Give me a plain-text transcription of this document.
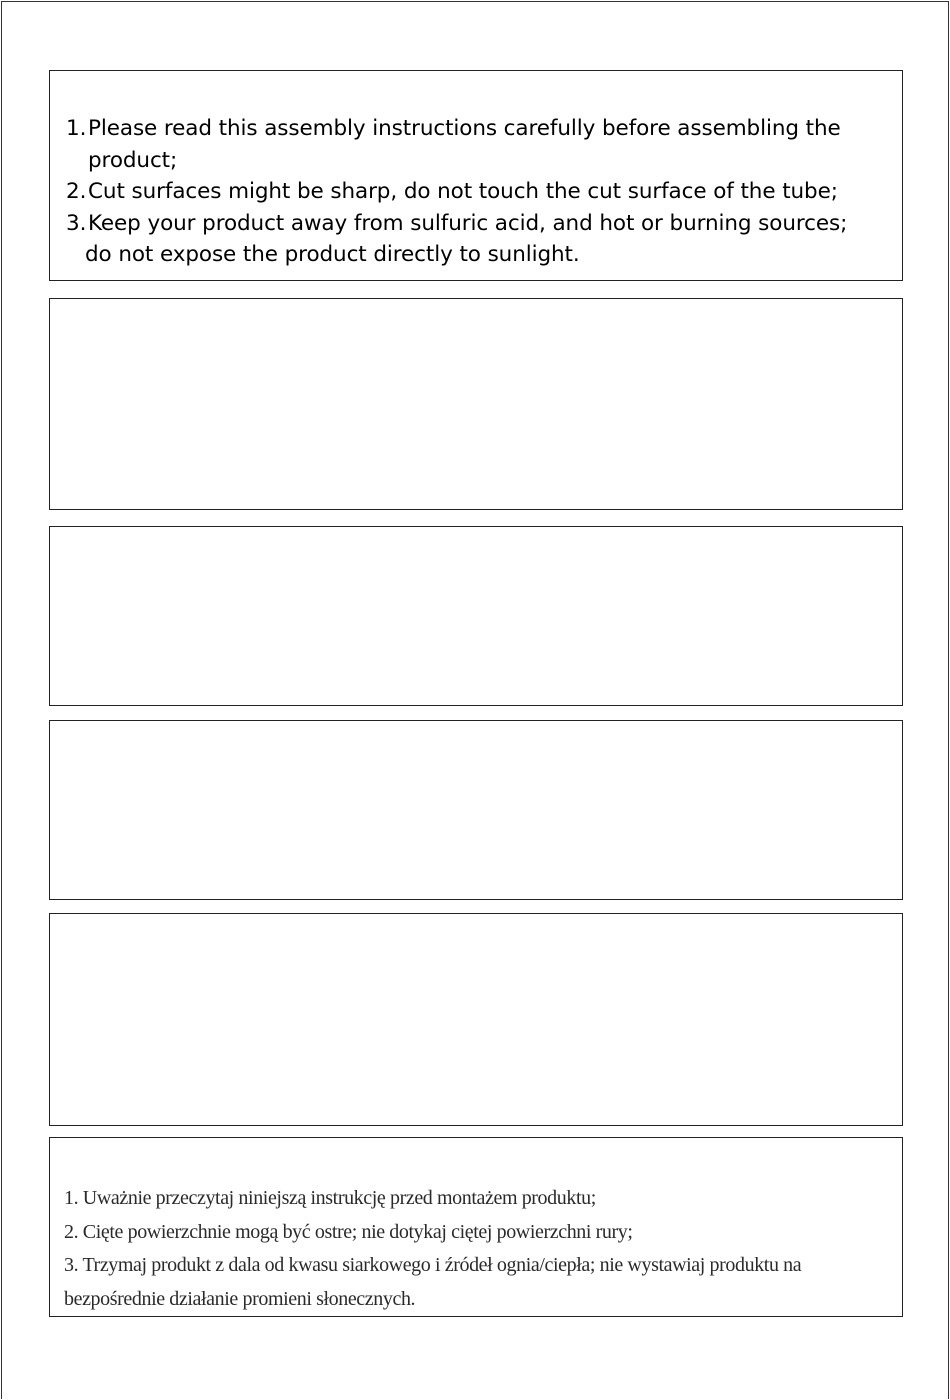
1. Please read this assembly instructions carefully before assembling the
product;
2. Cut surfaces might be sharp, do not touch the cut surface of the tube;
3. Keep your product away from sulfuric acid, and hot or burning sources;
do not expose the product directly to sunlight.
1. Uważnie przeczytaj niniejszą instrukcję przed montażem produktu;
2. Cięte powierzchnie mogą być ostre; nie dotykaj ciętej powierzchni rury;
3. Trzymaj produkt z dala od kwasu siarkowego i źródeł ognia/ciepła; nie wystawiaj produktu na
bezpośrednie działanie promieni słonecznych.
